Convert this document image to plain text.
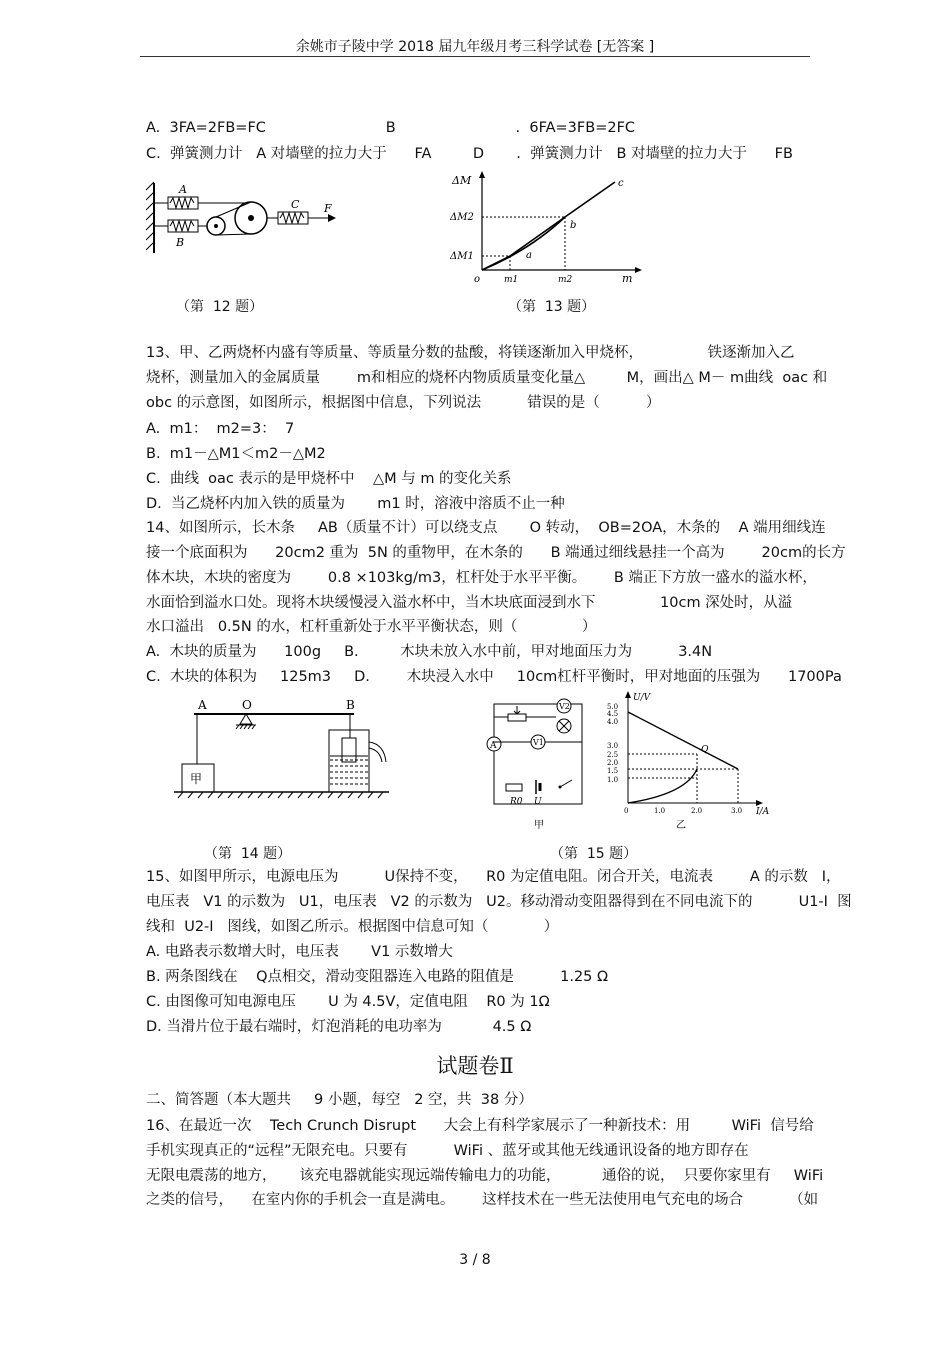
余姚市子陵中学 2018 届九年级月考三科学试卷 [无答案 ]
A.  3FA=2FB=FC                          B                          .  6FA=3FB=2FC
C.  弹簧测力计   A 对墙壁的拉力大于      FA         D       .  弹簧测力计   B 对墙壁的拉力大于      FB
A
B
C F
ΔM
ΔM2
ΔM1
o	m1	m2	m
a
b
c
（第  12 题）	（第  13 题）
13、甲、乙两烧杯内盛有等质量、等质量分数的盐酸，将镁逐渐加入甲烧杯，              铁逐渐加入乙
烧杯，测量加入的金属质量        m和相应的烧杯内物质质量变化量△         M，画出△ M－ m曲线  oac 和
obc 的示意图，如图所示，根据图中信息，下列说法          错误的是（          ）
A.  m1：  m2=3：  7
B.  m1－△M1＜m2－△M2
C.  曲线  oac 表示的是甲烧杯中    △M 与 m 的变化关系
D.  当乙烧杯内加入铁的质量为       m1 时，溶液中溶质不止一种
14、如图所示，长木条     AB（质量不计）可以绕支点       O 转动，  OB=2OA，木条的    A 端用细线连
接一个底面积为      20cm2 重为  5N 的重物甲，在木条的      B 端通过细线悬挂一个高为        20cm的长方
体木块，木块的密度为        0.8 ×103kg/m3，杠杆处于水平平衡。      B 端正下方放一盛水的溢水杯，
水面恰到溢水口处。现将木块缓慢浸入溢水杯中，当木块底面浸到水下              10cm 深处时，从溢
水口溢出   0.5N 的水，杠杆重新处于水平平衡状态，则（              ）
A.  木块的质量为      100g     B.         木块未放入水中前，甲对地面压力为          3.4N
C.  木块的体积为     125m3     D.        木块浸入水中     10cm杠杆平衡时，甲对地面的压强为      1700Pa
A	O	B
甲
V2
A	V1
R0 U
甲
5.0
4.5
4.0
3.0
2.5
2.0
1.5
1.0
0	1.0	2.0	3.0
U/V
I/A
Q
乙
（第  14 题）	（第  15 题）
15、如图甲所示，电源电压为          U保持不变，    R0 为定值电阻。闭合开关，电流表        A 的示数   I，
电压表   V1 的示数为   U1，电压表   V2 的示数为   U2。移动滑动变阻器得到在不同电流下的          U1-I  图
线和  U2-I   图线，如图乙所示。根据图中信息可知（            ）
A. 电路表示数增大时，电压表       V1 示数增大
B. 两条图线在    Q点相交，滑动变阻器连入电路的阻值是          1.25 Ω
C. 由图像可知电源电压       U 为 4.5V，定值电阻    R0 为 1Ω
D. 当滑片位于最右端时，灯泡消耗的电功率为           4.5 Ω
试题卷Ⅱ
二、简答题（本大题共     9 小题，每空   2 空，共  38 分）
16、在最近一次    Tech Crunch Disrupt      大会上有科学家展示了一种新技术：用         WiFi  信号给
手机实现真正的“远程”无限充电。只要有          WiFi 、蓝牙或其他无线通讯设备的地方即存在
无限电震荡的地方，     该充电器就能实现远端传输电力的功能，         通俗的说，  只要你家里有     WiFi
之类的信号，    在室内你的手机会一直是满电。      这样技术在一些无法使用电气充电的场合          （如
3 / 8
